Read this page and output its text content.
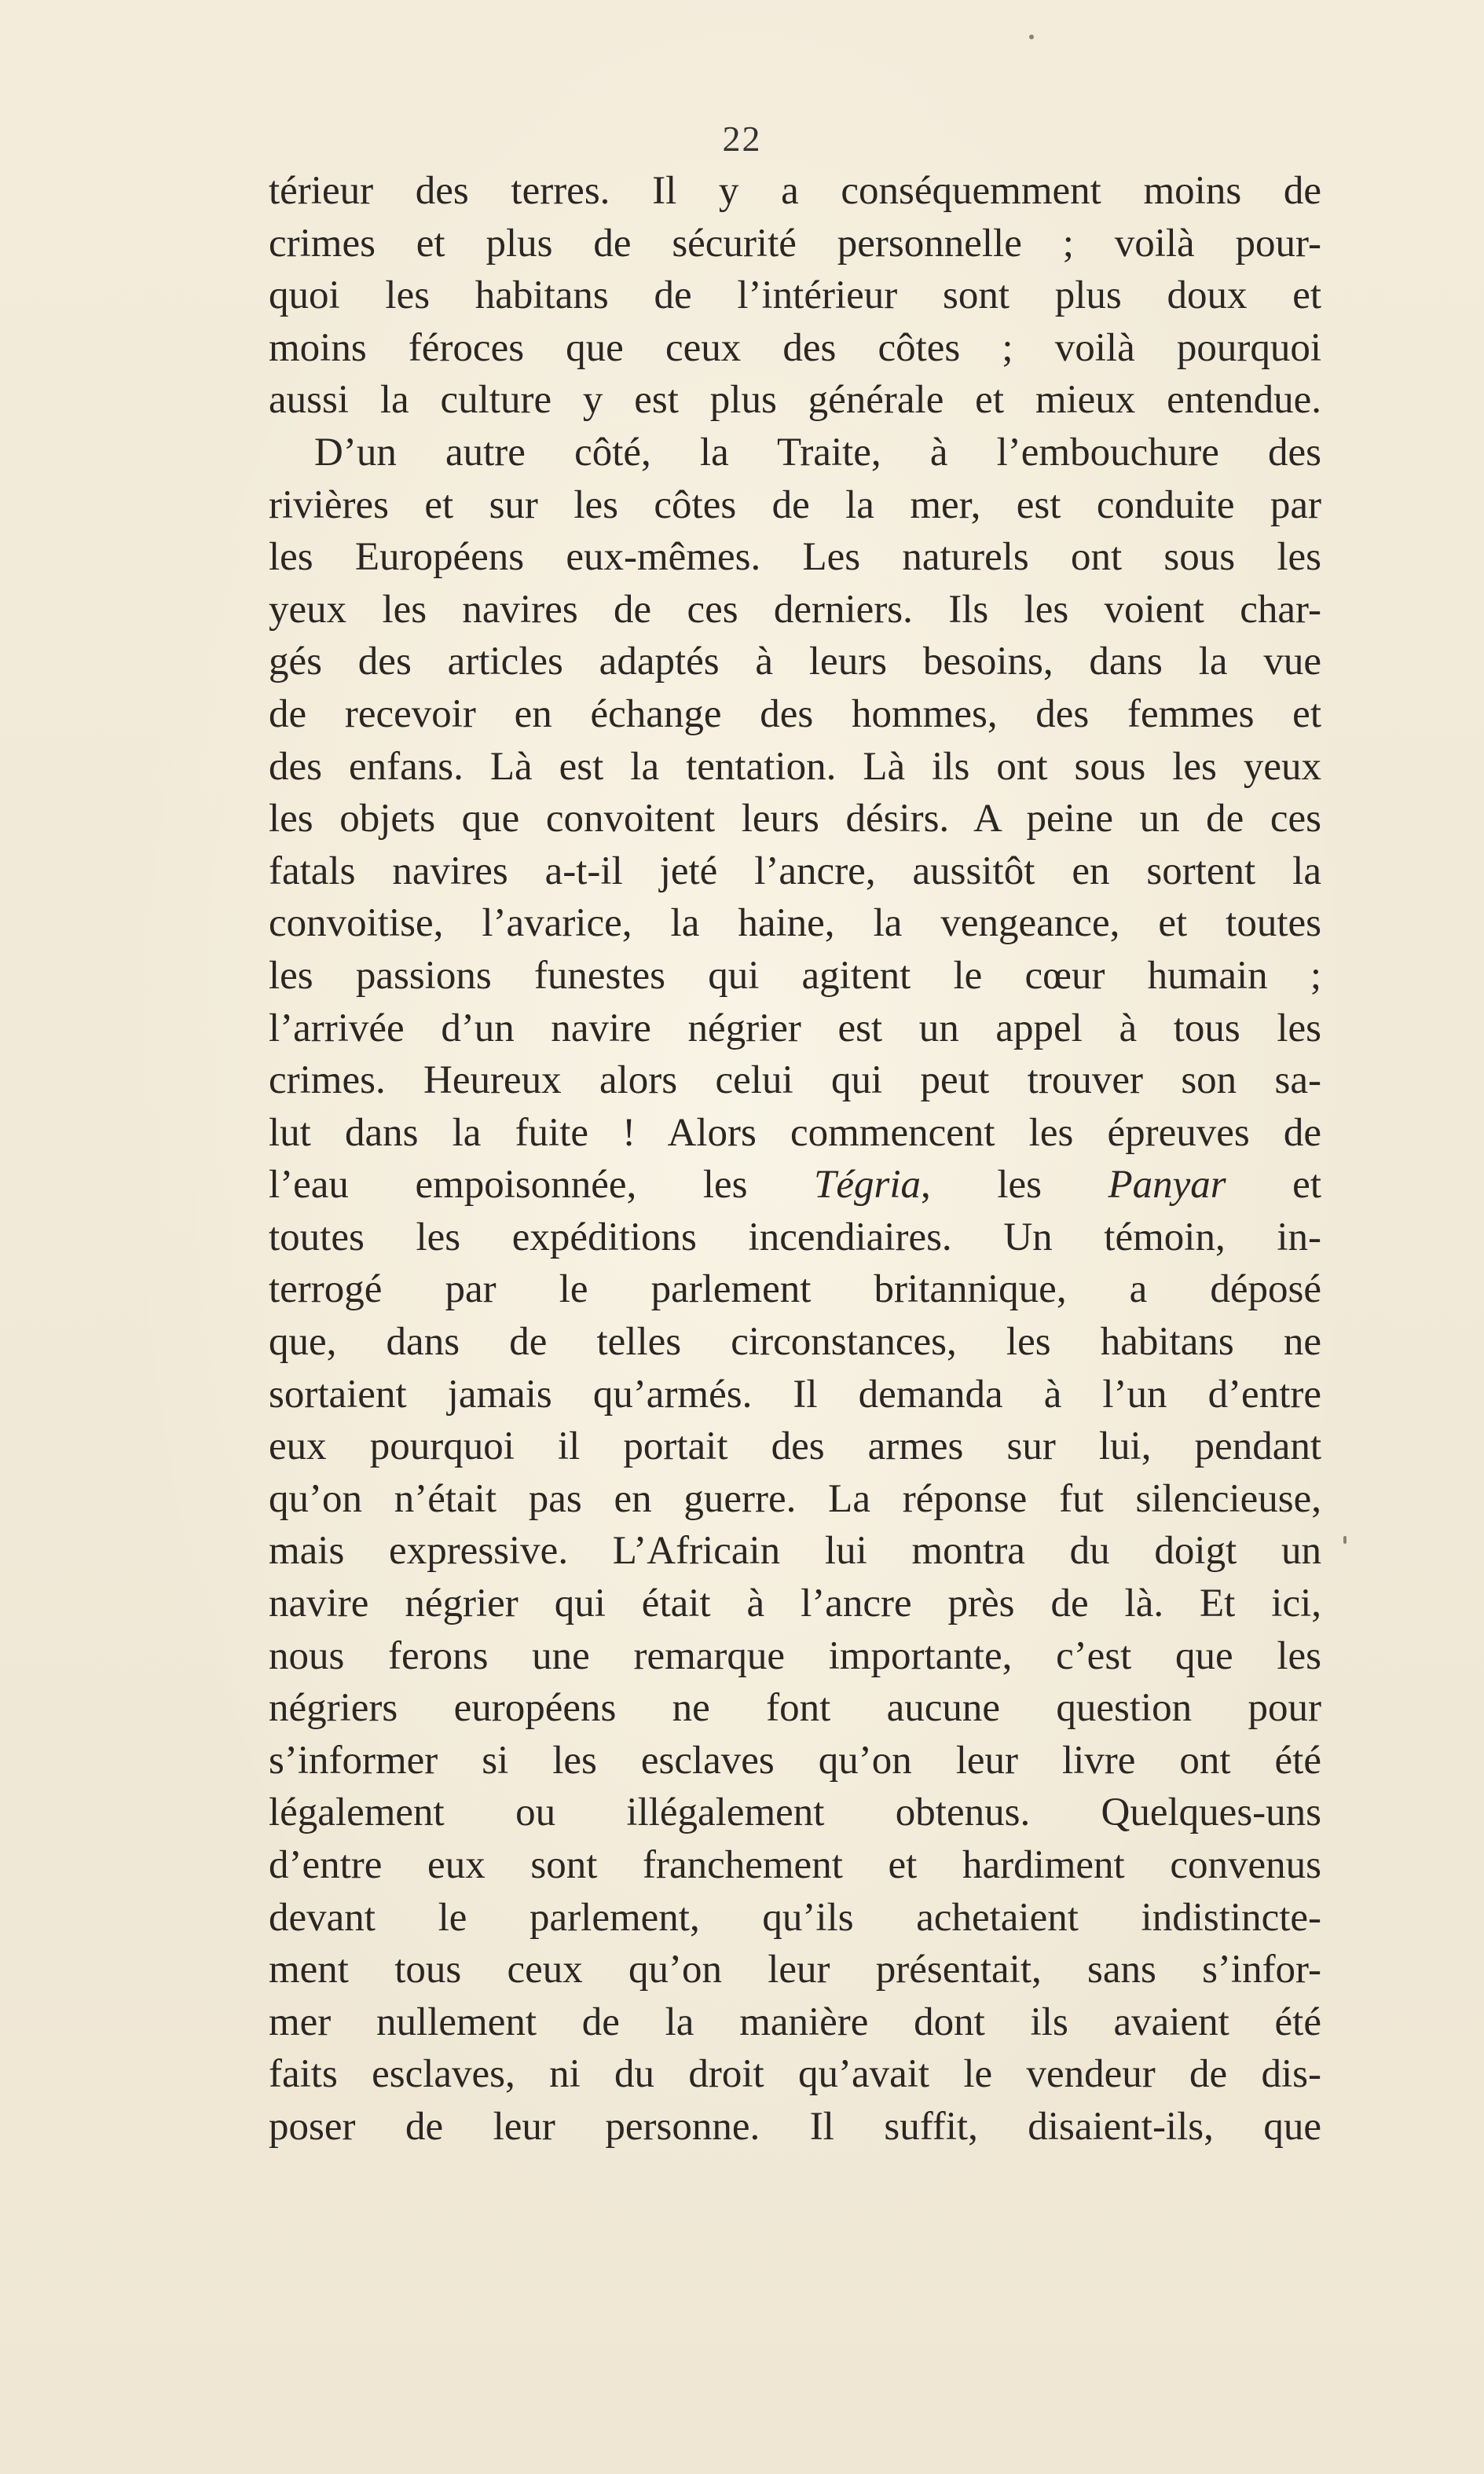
22
térieur des terres. Il y a conséquemment moins de
crimes et plus de sécurité personnelle ; voilà pour-
quoi les habitans de l’intérieur sont plus doux et
moins féroces que ceux des côtes ; voilà pourquoi
aussi la culture y est plus générale et mieux entendue.
D’un autre côté, la Traite, à l’embouchure des
rivières et sur les côtes de la mer, est conduite par
les Européens eux-mêmes. Les naturels ont sous les
yeux les navires de ces derniers. Ils les voient char-
gés des articles adaptés à leurs besoins, dans la vue
de recevoir en échange des hommes, des femmes et
des enfans. Là est la tentation. Là ils ont sous les yeux
les objets que convoitent leurs désirs. A peine un de ces
fatals navires a-t-il jeté l’ancre, aussitôt en sortent la
convoitise, l’avarice, la haine, la vengeance, et toutes
les passions funestes qui agitent le cœur humain ;
l’arrivée d’un navire négrier est un appel à tous les
crimes. Heureux alors celui qui peut trouver son sa-
lut dans la fuite ! Alors commencent les épreuves de
l’eau empoisonnée, les Tégria, les Panyar et
toutes les expéditions incendiaires. Un témoin, in-
terrogé par le parlement britannique, a déposé
que, dans de telles circonstances, les habitans ne
sortaient jamais qu’armés. Il demanda à l’un d’entre
eux pourquoi il portait des armes sur lui, pendant
qu’on n’était pas en guerre. La réponse fut silencieuse,
mais expressive. L’Africain lui montra du doigt un
navire négrier qui était à l’ancre près de là. Et ici,
nous ferons une remarque importante, c’est que les
négriers européens ne font aucune question pour
s’informer si les esclaves qu’on leur livre ont été
légalement ou illégalement obtenus. Quelques-uns
d’entre eux sont franchement et hardiment convenus
devant le parlement, qu’ils achetaient indistincte-
ment tous ceux qu’on leur présentait, sans s’infor-
mer nullement de la manière dont ils avaient été
faits esclaves, ni du droit qu’avait le vendeur de dis-
poser de leur personne. Il suffit, disaient-ils, que
